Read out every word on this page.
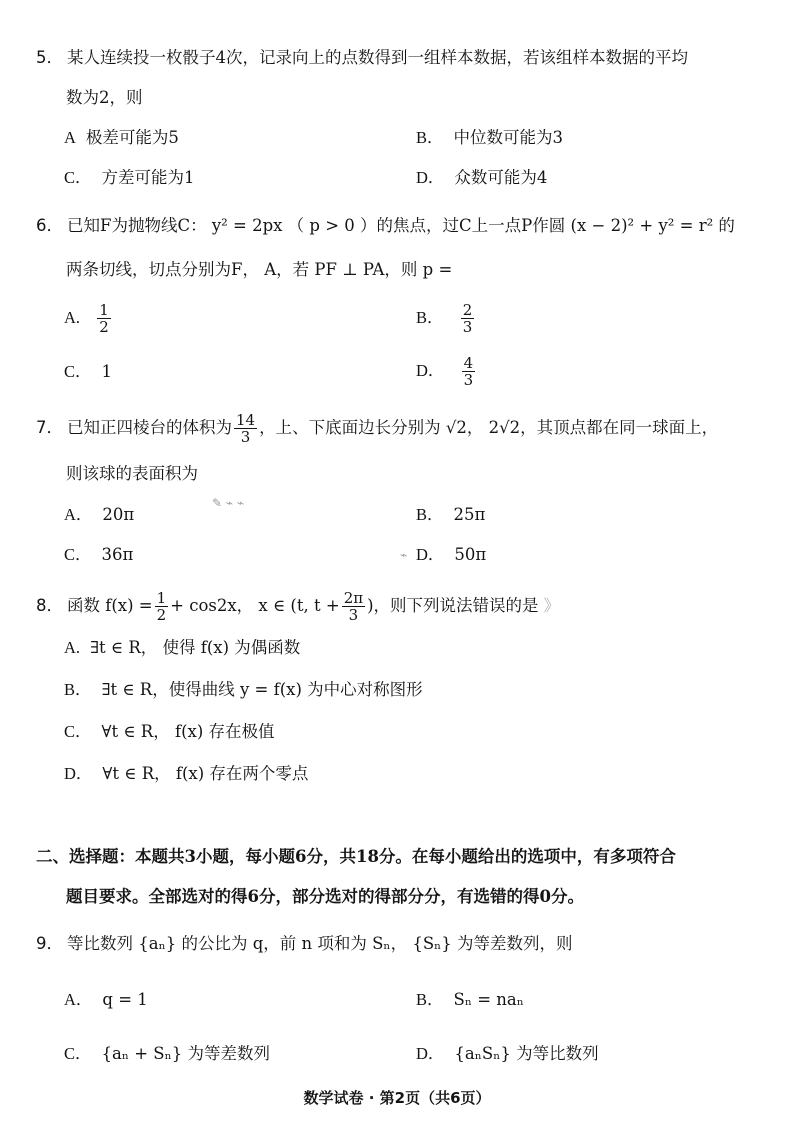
5． 某人连续投一枚骰子4次，记录向上的点数得到一组样本数据，若该组样本数据的平均
数为2，则
A 极差可能为5	B． 中位数可能为3
C． 方差可能为1	D． 众数可能为4
6． 已知F为抛物线C： y² = 2px （ p > 0 ）的焦点，过C上一点P作圆 (x − 2)² + y² = r² 的
两条切线，切点分别为F， A，若 PF ⊥ PA，则 p =
A. $\frac{1}{2}$	B． $\frac{2}{3}$
C． 1	D． $\frac{4}{3}$
7． 已知正四棱台的体积为 $\frac{14}{3}$ ，上、下底面边长分别为 √2， 2√2，其顶点都在同一球面上，
则该球的表面积为
A． 20π	B． 25π
C． 36π	D． 50π
✎ ⌁ ⌁
⌁
8． 函数 $f(x) = \frac{1}{2} + \cos 2x$， x ∈ (t, $t + \frac{2\pi}{3}$ )，则下列说法错误的是 》
A. ∃t ∈ R， 使得 f(x) 为偶函数
B． ∃t ∈ R，使得曲线 y = f(x) 为中心对称图形
C． ∀t ∈ R， f(x) 存在极值
D． ∀t ∈ R， f(x) 存在两个零点
二、选择题：本题共3小题，每小题6分，共18分。在每小题给出的选项中，有多项符合
题目要求。全部选对的得6分，部分选对的得部分分，有选错的得0分。
9． 等比数列 {aₙ} 的公比为 q，前 n 项和为 Sₙ， {Sₙ} 为等差数列，则
A． q = 1	B． Sₙ = naₙ
C． {aₙ + Sₙ} 为等差数列	D． {aₙSₙ} 为等比数列
数学试卷 · 第2页（共6页）
